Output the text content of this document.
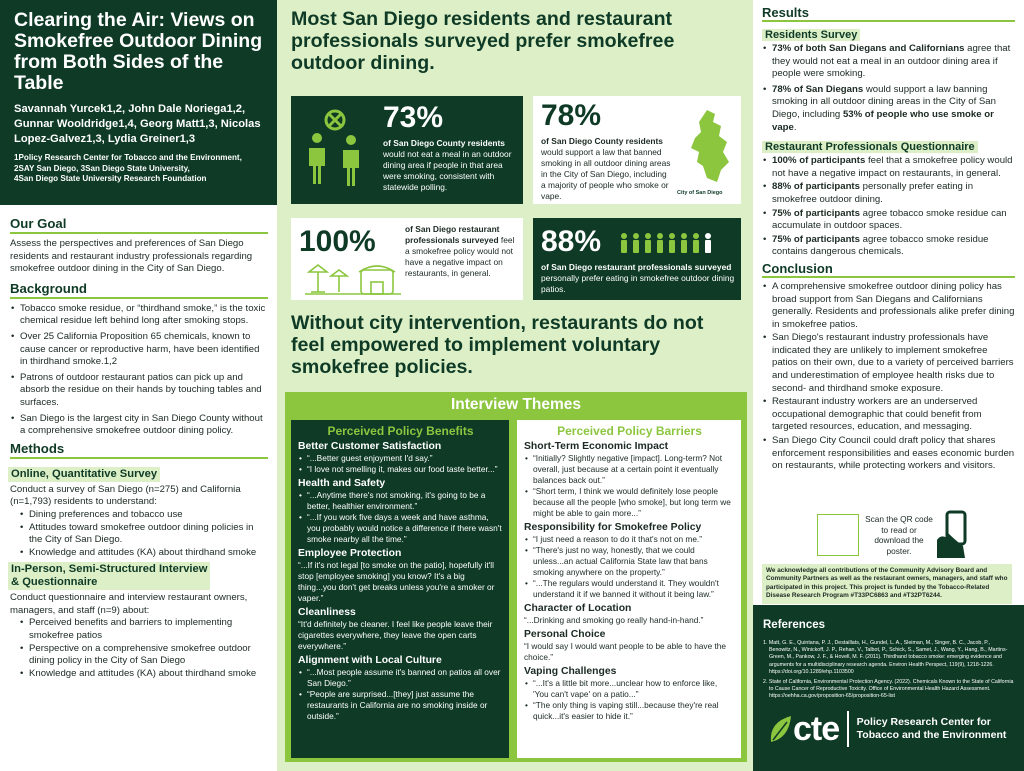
Clearing the Air: Views on Smokefree Outdoor Dining from Both Sides of the Table
Savannah Yurcek1,2, John Dale Noriega1,2, Gunnar Wooldridge1,4, Georg Matt1,3, Nicolas Lopez-Galvez1,3, Lydia Greiner1,3
1Policy Research Center for Tobacco and the Environment,
2SAY San Diego, 3San Diego State University,
4San Diego State University Research Foundation
Our Goal

Assess the perspectives and preferences of San Diego residents and restaurant industry professionals regarding smokefree outdoor dining in the City of San Diego.

Background
• Tobacco smoke residue, or “thirdhand smoke,” is the toxic chemical residue left behind long after smoking stops.
• Over 25 California Proposition 65 chemicals, known to cause cancer or reproductive harm, have been identified in thirdhand smoke.1,2
• Patrons of outdoor restaurant patios can pick up and absorb the residue on their hands by touching tables and surfaces.
• San Diego is the largest city in San Diego County without a comprehensive smokefree outdoor dining policy.
Methods
Online, Quantitative Survey

Conduct a survey of San Diego (n=275) and California (n=1,793) residents to understand:

• Dining preferences and tobacco use
• Attitudes toward smokefree outdoor dining policies in the City of San Diego.
• Knowledge and attitudes (KA) about thirdhand smoke
In-Person, Semi-Structured Interview
& Questionnaire

Conduct questionnaire and interview restaurant owners, managers, and staff (n=9) about:

• Perceived benefits and barriers to implementing smokefree patios
• Perspective on a comprehensive smokefree outdoor dining policy in the City of San Diego
• Knowledge and attitudes (KA) about thirdhand smoke
Most San Diego residents and restaurant professionals surveyed prefer smokefree outdoor dining.
73%
of San Diego County residents
would not eat a meal in an outdoor dining area if people in that area were smoking, consistent with statewide polling.
78%
of San Diego County residents
would support a law that banned smoking in all outdoor dining areas in the City of San Diego, including a majority of people who smoke or vape.	City of San Diego
100%	of San Diego restaurant professionals surveyed feel a smokefree policy would not have a negative impact on restaurants, in general.
88%
of San Diego restaurant professionals surveyed personally prefer eating in smokefree outdoor dining patios.
Without city intervention, restaurants do not feel empowered to implement voluntary smokefree policies.
Interview Themes
Perceived Policy Benefits
Better Customer Satisfaction
• “...Better guest enjoyment I'd say.”
• “I love not smelling it, makes our food taste better...”
Health and Safety
• “...Anytime there's not smoking, it's going to be a better, healthier environment.”
• “...If you work five days a week and have asthma, you probably would notice a difference if there wasn't smoke nearby all the time.”
Employee Protection

“...If it's not legal [to smoke on the patio], hopefully it'll stop [employee smoking] you know? It's a big thing...you don't get breaks unless you're a smoker or vaper.”

Cleanliness

“It'd definitely be cleaner. I feel like people leave their cigarettes everywhere, they leave the open carts everywhere.”

Alignment with Local Culture
• “...Most people assume it's banned on patios all over San Diego.”
• “People are surprised...[they] just assume the restaurants in California are no smoking inside or outside.”
Perceived Policy Barriers
Short-Term Economic Impact
• “Initially? Slightly negative [impact]. Long-term? Not overall, just because at a certain point it eventually balances back out.”
• “Short term, I think we would definitely lose people because all the people [who smoke], but long term we might be able to gain more...”
Responsibility for Smokefree Policy
• “I just need a reason to do it that's not on me.”
• “There's just no way, honestly, that we could unless...an actual California State law that bans smoking anywhere on the property.”
• “...The regulars would understand it. They wouldn't understand it if we banned it without it being law.”
Character of Location

“...Drinking and smoking go really hand-in-hand.”

Personal Choice

“I would say I would want people to be able to have the choice.”

Vaping Challenges
• “...It's a little bit more...unclear how to enforce like, 'You can't vape' on a patio...”
• “The only thing is vaping still...because they're real quick...it's easier to hide it.”
Results
Residents Survey
• 73% of both San Diegans and Californians agree that they would not eat a meal in an outdoor dining area if people were smoking.
• 78% of San Diegans would support a law banning smoking in all outdoor dining areas in the City of San Diego, including 53% of people who use smoke or vape.
Restaurant Professionals Questionnaire
• 100% of participants feel that a smokefree policy would not have a negative impact on restaurants, in general.
• 88% of participants personally prefer eating in smokefree outdoor dining.
• 75% of participants agree tobacco smoke residue can accumulate in outdoor spaces.
• 75% of participants agree tobacco smoke residue contains dangerous chemicals.
Conclusion
• A comprehensive smokefree outdoor dining policy has broad support from San Diegans and Californians generally. Residents and professionals alike prefer dining in smokefree patios.
• San Diego's restaurant industry professionals have indicated they are unlikely to implement smokefree patios on their own, due to a variety of perceived barriers and underestimation of employee health risks due to second- and thirdhand smoke exposure.
• Restaurant industry workers are an underserved occupational demographic that could benefit from targeted resources, education, and messaging.
• San Diego City Council could draft policy that shares enforcement responsibilities and eases economic burden on restaurants, while protecting workers and visitors.
Scan the QR code to read or download the poster.
We acknowledge all contributions of the Community Advisory Board and Community Partners as well as the restaurant owners, managers, and staff who participated in this project. This project is funded by the Tobacco-Related Disease Research Program #T33PC6863 and #T32PT6244.
References

1. Matt, G. E., Quintana, P. J., Destaillats, H., Gundel, L. A., Sleiman, M., Singer, B. C., Jacob, P., Benowitz, N., Winickoff, J. P., Rehan, V., Talbot, P., Schick, S., Samet, J., Wang, Y., Hang, B., Martins-Green, M., Pankow, J. F., & Hovell, M. F. (2011). Thirdhand tobacco smoke: emerging evidence and arguments for a multidisciplinary research agenda. Environ Health Perspect, 119(9), 1218-1226. https://doi.org/10.1289/ehp.1103500

2. State of California, Environmental Protection Agency. (2022). Chemicals Known to the State of California to Cause Cancer of Reproductive Toxicity. Office of Environmental Health Hazard Assessment. https://oehha.ca.gov/proposition-65/proposition-65-list

cte Policy Research Center for
Tobacco and the Environment
